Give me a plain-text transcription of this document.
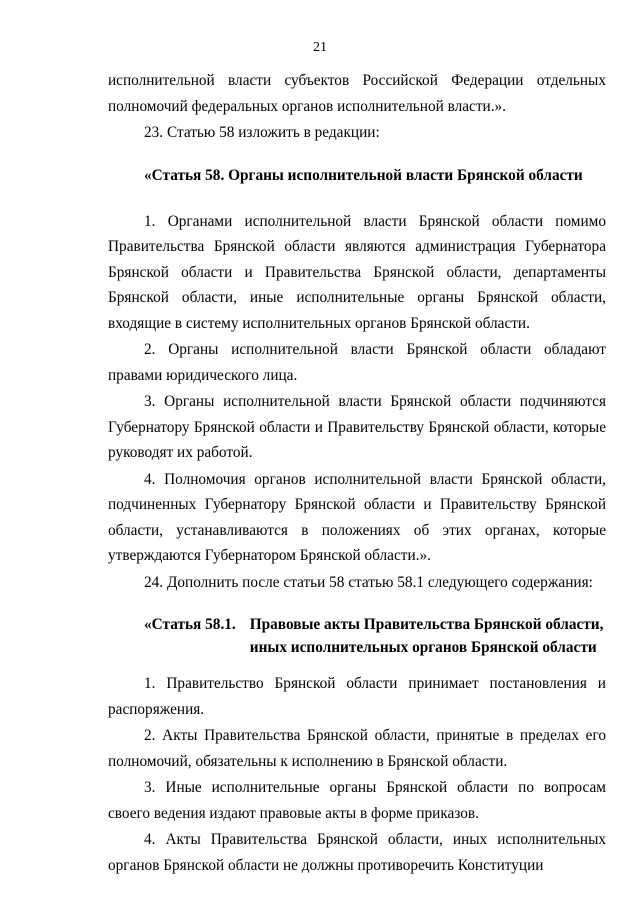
21

исполнительной власти субъектов Российской Федерации отдельных полномочий федеральных органов исполнительной власти.».

23. Статью 58 изложить в редакции:

«Статья 58. Органы исполнительной власти Брянской области

1. Органами исполнительной власти Брянской области помимо Правительства Брянской области являются администрация Губернатора Брянской области и Правительства Брянской области, департаменты Брянской области, иные исполнительные органы Брянской области, входящие в систему исполнительных органов Брянской области.

2. Органы исполнительной власти Брянской области обладают правами юридического лица.

3. Органы исполнительной власти Брянской области подчиняются Губернатору Брянской области и Правительству Брянской области, которые руководят их работой.

4. Полномочия органов исполнительной власти Брянской области, подчиненных Губернатору Брянской области и Правительству Брянской области, устанавливаются в положениях об этих органах, которые утверждаются Губернатором Брянской области.».

24. Дополнить после статьи 58 статью 58.1 следующего содержания:

«Статья 58.1. Правовые акты Правительства Брянской области, иных исполнительных органов Брянской области

1. Правительство Брянской области принимает постановления и распоряжения.

2. Акты Правительства Брянской области, принятые в пределах его полномочий, обязательны к исполнению в Брянской области.

3. Иные исполнительные органы Брянской области по вопросам своего ведения издают правовые акты в форме приказов.

4. Акты Правительства Брянской области, иных исполнительных органов Брянской области не должны противоречить Конституции
